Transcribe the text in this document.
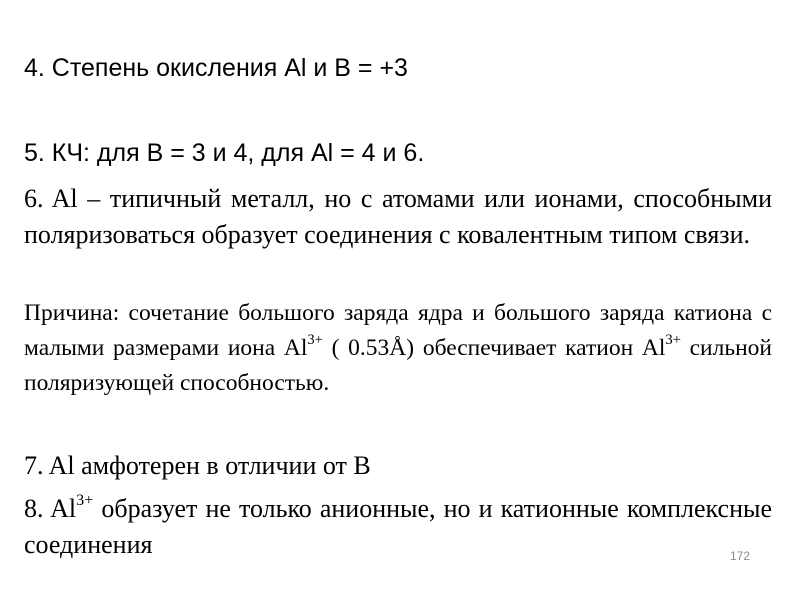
4. Степень окисления Al и B = +3

5. КЧ: для B = 3 и 4, для Al = 4 и 6.

6. Al – типичный металл, но с атомами или ионами, способными поляризоваться образует соединения с ковалентным типом связи.

Причина: сочетание большого заряда ядра и большого заряда катиона с малыми размерами иона $Al^{3+}$ ( 0.53Å) обеспечивает катион $Al^{3+}$ сильной поляризующей способностью.

7. Al амфотерен в отличии от B

8. $Al^{3+}$ образует не только анионные, но и катионные комплексные соединения	172
